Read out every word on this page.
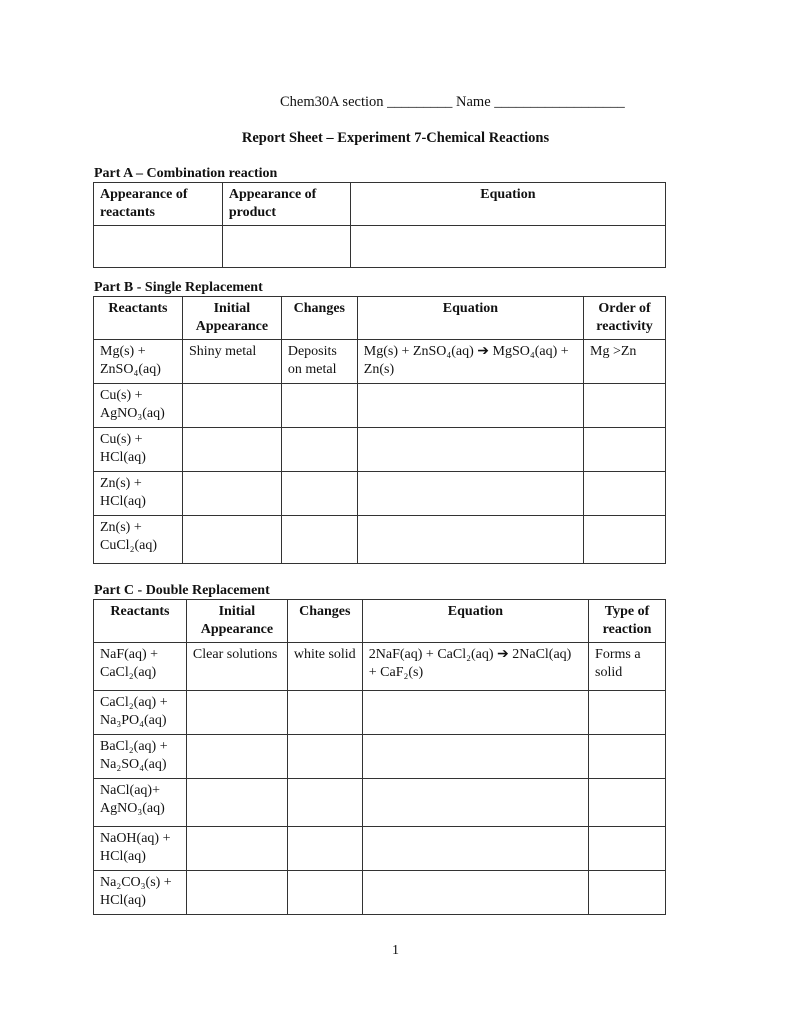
Chem30A section _________ Name __________________
Report Sheet – Experiment 7-Chemical Reactions
Part A – Combination reaction
Appearance of reactants	Appearance of product	Equation

Part B - Single Replacement
Reactants	Initial Appearance	Changes	Equation	Order of reactivity
Mg(s) + ZnSO₄(aq)	Shiny metal	Deposits on metal	Mg(s) + ZnSO₄(aq) ➔ MgSO₄(aq) + Zn(s)	Mg >Zn
Cu(s) + AgNO₃(aq)				
Cu(s) + HCl(aq)				
Zn(s) + HCl(aq)				
Zn(s) + CuCl₂(aq)				
Part C - Double Replacement
Reactants	Initial Appearance	Changes	Equation	Type of reaction
NaF(aq) + CaCl₂(aq)	Clear solutions	white solid	2NaF(aq) + CaCl₂(aq) ➔ 2NaCl(aq) + CaF₂(s)	Forms a solid
CaCl₂(aq) + Na₃PO₄(aq)				
BaCl₂(aq) + Na₂SO₄(aq)				
NaCl(aq)+ AgNO₃(aq)				
NaOH(aq) + HCl(aq)				
Na₂CO₃(s) + HCl(aq)				
1
